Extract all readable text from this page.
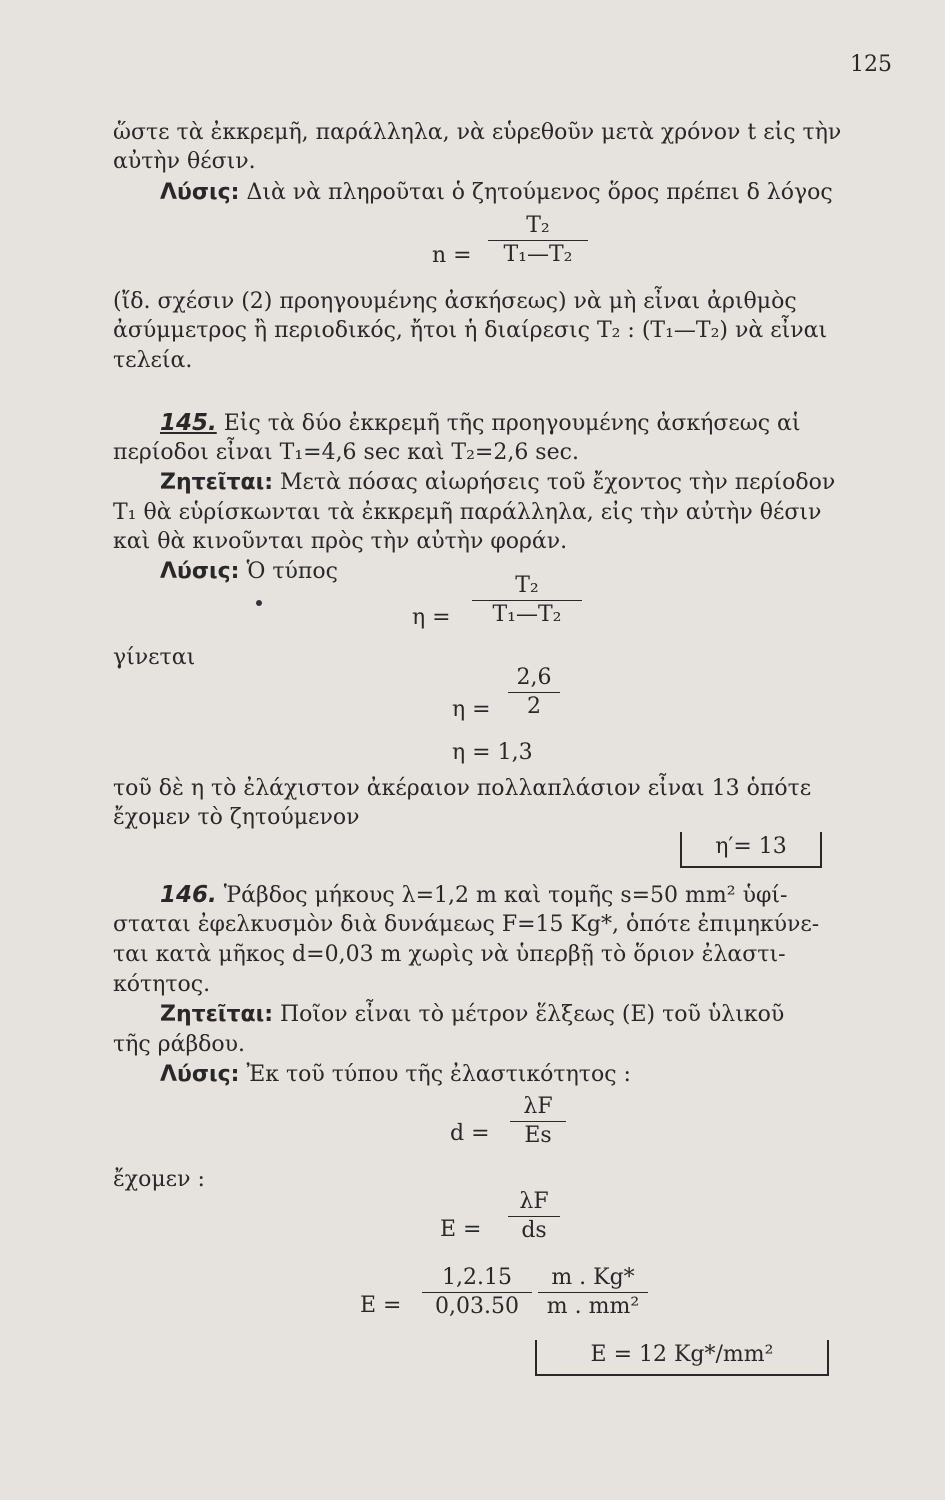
125
ὥστε τὰ ἐκκρεμῆ, παράλληλα, νὰ εὑρεθοῦν μετὰ χρόνον t εἰς τὴν
αὐτὴν θέσιν.
Λύσις: Διὰ νὰ πληροῦται ὁ ζητούμενος ὅρος πρέπει δ λόγος
$n = \frac{\text{T₂}}{\text{T₁—T₂}}$
(ἴδ. σχέσιν (2) προηγουμένης ἀσκήσεως) νὰ μὴ εἶναι ἀριθμὸς
ἀσύμμετρος ἢ περιοδικός, ἤτοι ἡ διαίρεσις T₂ : (T₁—T₂) νὰ εἶναι
τελεία.
145. Εἰς τὰ δύο ἐκκρεμῆ τῆς προηγουμένης ἀσκήσεως αἱ
περίοδοι εἶναι T₁=4,6 sec καὶ T₂=2,6 sec.
Ζητεῖται: Μετὰ πόσας αἰωρήσεις τοῦ ἔχοντος τὴν περίοδον
T₁ θὰ εὑρίσκωνται τὰ ἐκκρεμῆ παράλληλα, εἰς τὴν αὐτὴν θέσιν
καὶ θὰ κινοῦνται πρὸς τὴν αὐτὴν φοράν.
Λύσις: Ὁ τύπος
$\eta = \frac{\text{T₂}}{\text{T₁—T₂}}$
γίνεται
$\eta = \frac{2,6}{2}$
η = 1,3
τοῦ δὲ η τὸ ἐλάχιστον ἀκέραιον πολλαπλάσιον εἶναι 13 ὁπότε
ἔχομεν τὸ ζητούμενον
η′= 13
146. Ῥάβδος μήκους λ=1,2 m καὶ τομῆς s=50 mm² ὑφί-
σταται ἐφελκυσμὸν διὰ δυνάμεως F=15 Kg*, ὁπότε ἐπιμηκύνε-
ται κατὰ μῆκος d=0,03 m χωρὶς νὰ ὑπερβῇ τὸ ὅριον ἐλαστι-
κότητος.
Ζητεῖται: Ποῖον εἶναι τὸ μέτρον ἕλξεως (E) τοῦ ὑλικοῦ
τῆς ράβδου.
Λύσις: Ἐκ τοῦ τύπου τῆς ἐλαστικότητος :
$d = \frac{\lambda F}{Es}$
ἔχομεν :
$E = \frac{\lambda F}{ds}$
$E = \frac{1,2.15}{0,03.50} \frac{m . Kg*}{\text{m . mm²}}$
E = 12 Kg*/mm²
